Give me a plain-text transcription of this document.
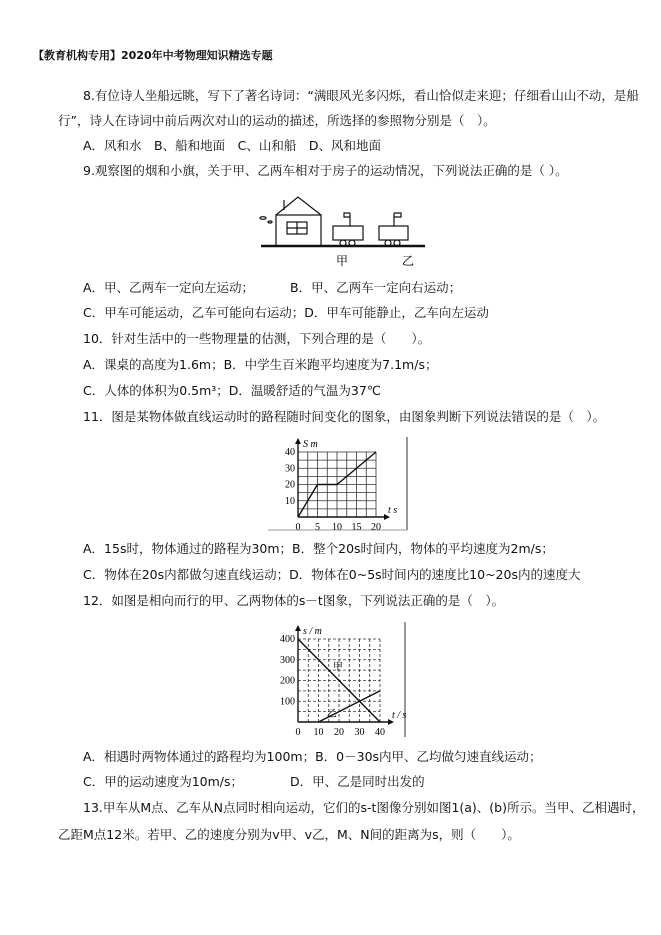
【教育机构专用】2020年中考物理知识精选专题
8.有位诗人坐船远眺，写下了著名诗词：“满眼风光多闪烁，看山恰似走来迎；仔细看山山不动，是船
行”，诗人在诗词中前后两次对山的运动的描述，所选择的参照物分别是（　）。
A．风和水　B、船和地面　C、山和船　D、风和地面
9.观察图的烟和小旗，关于甲、乙两车相对于房子的运动情况，下列说法正确的是（ ）。
甲	乙
A．甲、乙两车一定向左运动；	B．甲、乙两车一定向右运动；
C．甲车可能运动，乙车可能向右运动；D．甲车可能静止，乙车向左运动
10．针对生活中的一些物理量的估测，下列合理的是（　　）。
A．课桌的高度为1.6m；B．中学生百米跑平均速度为7.1m/s；
C．人体的体积为0.5m³；D．温暖舒适的气温为37℃
11．图是某物体做直线运动时的路程随时间变化的图象，由图象判断下列说法错误的是（　）。
0 5 10 15 20
10
20
30
40
t s
S m
A．15s时，物体通过的路程为30m；B．整个20s时间内，物体的平均速度为2m/s；
C．物体在20s内都做匀速直线运动；D．物体在0~5s时间内的速度比10~20s内的速度大
12．如图是相向而行的甲、乙两物体的s－t图象，下列说法正确的是（　）。
0 10 20 30 40
100
200
300
400
t / s
s / m
甲
乙
A．相遇时两物体通过的路程均为100m；B．0－30s内甲、乙均做匀速直线运动；
C．甲的运动速度为10m/s；	D．甲、乙是同时出发的
13.甲车从M点、乙车从N点同时相向运动，它们的s-t图像分别如图1(a)、(b)所示。当甲、乙相遇时，
乙距M点12米。若甲、乙的速度分别为v甲、v乙，M、N间的距离为s，则（　　）。
